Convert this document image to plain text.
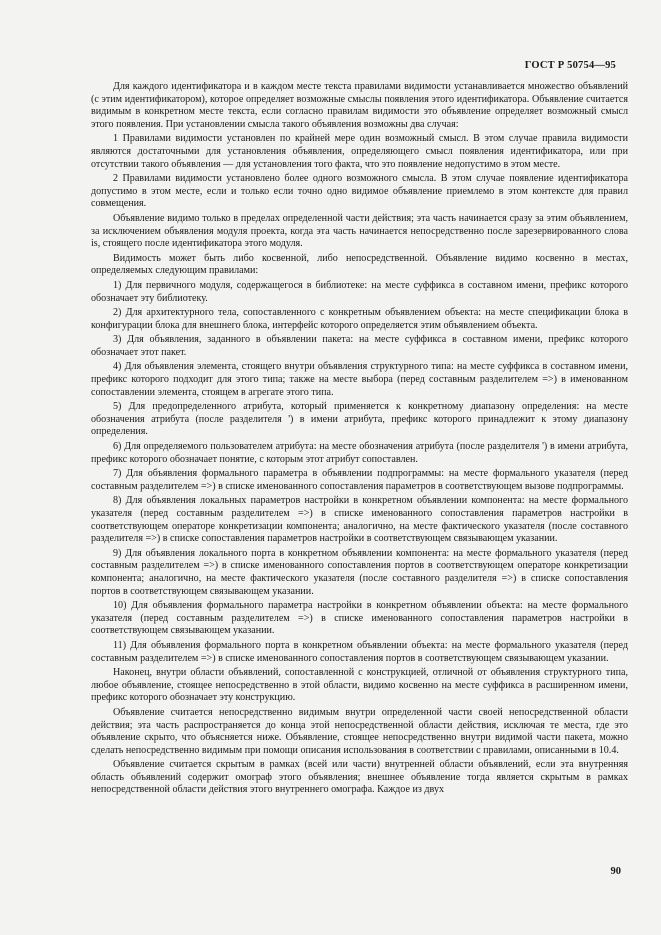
ГОСТ Р 50754—95

Для каждого идентификатора и в каждом месте текста правилами видимости устанавливается множество объявлений (с этим идентификатором), которое определяет возможные смыслы появления этого идентификатора. Объявление считается видимым в конкретном месте текста, если согласно правилам видимости это объявление определяет возможный смысл этого появления. При установлении смысла такого объявления возможны два случая:

1 Правилами видимости установлен по крайней мере один возможный смысл. В этом случае правила видимости являются достаточными для установления объявления, определяющего смысл появления идентификатора, или при отсутствии такого объявления — для установления того факта, что это появление недопустимо в этом месте.

2 Правилами видимости установлено более одного возможного смысла. В этом случае появление идентификатора допустимо в этом месте, если и только если точно одно видимое объявление приемлемо в этом контексте для правил совмещения.

Объявление видимо только в пределах определенной части действия; эта часть начинается сразу за этим объявлением, за исключением объявления модуля проекта, когда эта часть начинается непосредственно после зарезервированного слова is, стоящего после идентификатора этого модуля.

Видимость может быть либо косвенной, либо непосредственной. Объявление видимо косвенно в местах, определяемых следующим правилами:

1) Для первичного модуля, содержащегося в библиотеке: на месте суффикса в составном имени, префикс которого обозначает эту библиотеку.

2) Для архитектурного тела, сопоставленного с конкретным объявлением объекта: на месте спецификации блока в конфигурации блока для внешнего блока, интерфейс которого определяется этим объявлением объекта.

3) Для объявления, заданного в объявлении пакета: на месте суффикса в составном имени, префикс которого обозначает этот пакет.

4) Для объявления элемента, стоящего внутри объявления структурного типа: на месте суффикса в составном имени, префикс которого подходит для этого типа; также на месте выбора (перед составным разделителем =>) в именованном сопоставлении элемента, стоящем в агрегате этого типа.

5) Для предопределенного атрибута, который применяется к конкретному диапазону определения: на месте обозначения атрибута (после разделителя ') в имени атрибута, префикс которого принадлежит к этому диапазону определения.

6) Для определяемого пользователем атрибута: на месте обозначения атрибута (после разделителя ') в имени атрибута, префикс которого обозначает понятие, с которым этот атрибут сопоставлен.

7) Для объявления формального параметра в объявлении подпрограммы: на месте формального указателя (перед составным разделителем =>) в списке именованного сопоставления параметров в соответствующем вызове подпрограммы.

8) Для объявления локальных параметров настройки в конкретном объявлении компонента: на месте формального указателя (перед составным разделителем =>) в списке именованного сопоставления параметров настройки в соответствующем операторе конкретизации компонента; аналогично, на месте фактического указателя (после составного разделителя =>) в списке сопоставления параметров настройки в соответствующем связывающем указании.

9) Для объявления локального порта в конкретном объявлении компонента: на месте формального указателя (перед составным разделителем =>) в списке именованного сопоставления портов в соответствующем операторе конкретизации компонента; аналогично, на месте фактического указателя (после составного разделителя =>) в списке сопоставления портов в соответствующем связывающем указании.

10) Для объявления формального параметра настройки в конкретном объявлении объекта: на месте формального указателя (перед составным разделителем =>) в списке именованного сопоставления параметров настройки в соответствующем связывающем указании.

11) Для объявления формального порта в конкретном объявлении объекта: на месте формального указателя (перед составным разделителем =>) в списке именованного сопоставления портов в соответствующем связывающем указании.

Наконец, внутри области объявлений, сопоставленной с конструкцией, отличной от объявления структурного типа, любое объявление, стоящее непосредственно в этой области, видимо косвенно на месте суффикса в расширенном имени, префикс которого обозначает эту конструкцию.

Объявление считается непосредственно видимым внутри определенной части своей непосредственной области действия; эта часть распространяется до конца этой непосредственной области действия, исключая те места, где это объявление скрыто, что объясняется ниже. Объявление, стоящее непосредственно внутри видимой части пакета, можно сделать непосредственно видимым при помощи описания использования в соответствии с правилами, описанными в 10.4.

Объявление считается скрытым в рамках (всей или части) внутренней области объявлений, если эта внутренняя область объявлений содержит омограф этого объявления; внешнее объявление тогда является скрытым в рамках непосредственной области действия этого внутреннего омографа. Каждое из двух

90
